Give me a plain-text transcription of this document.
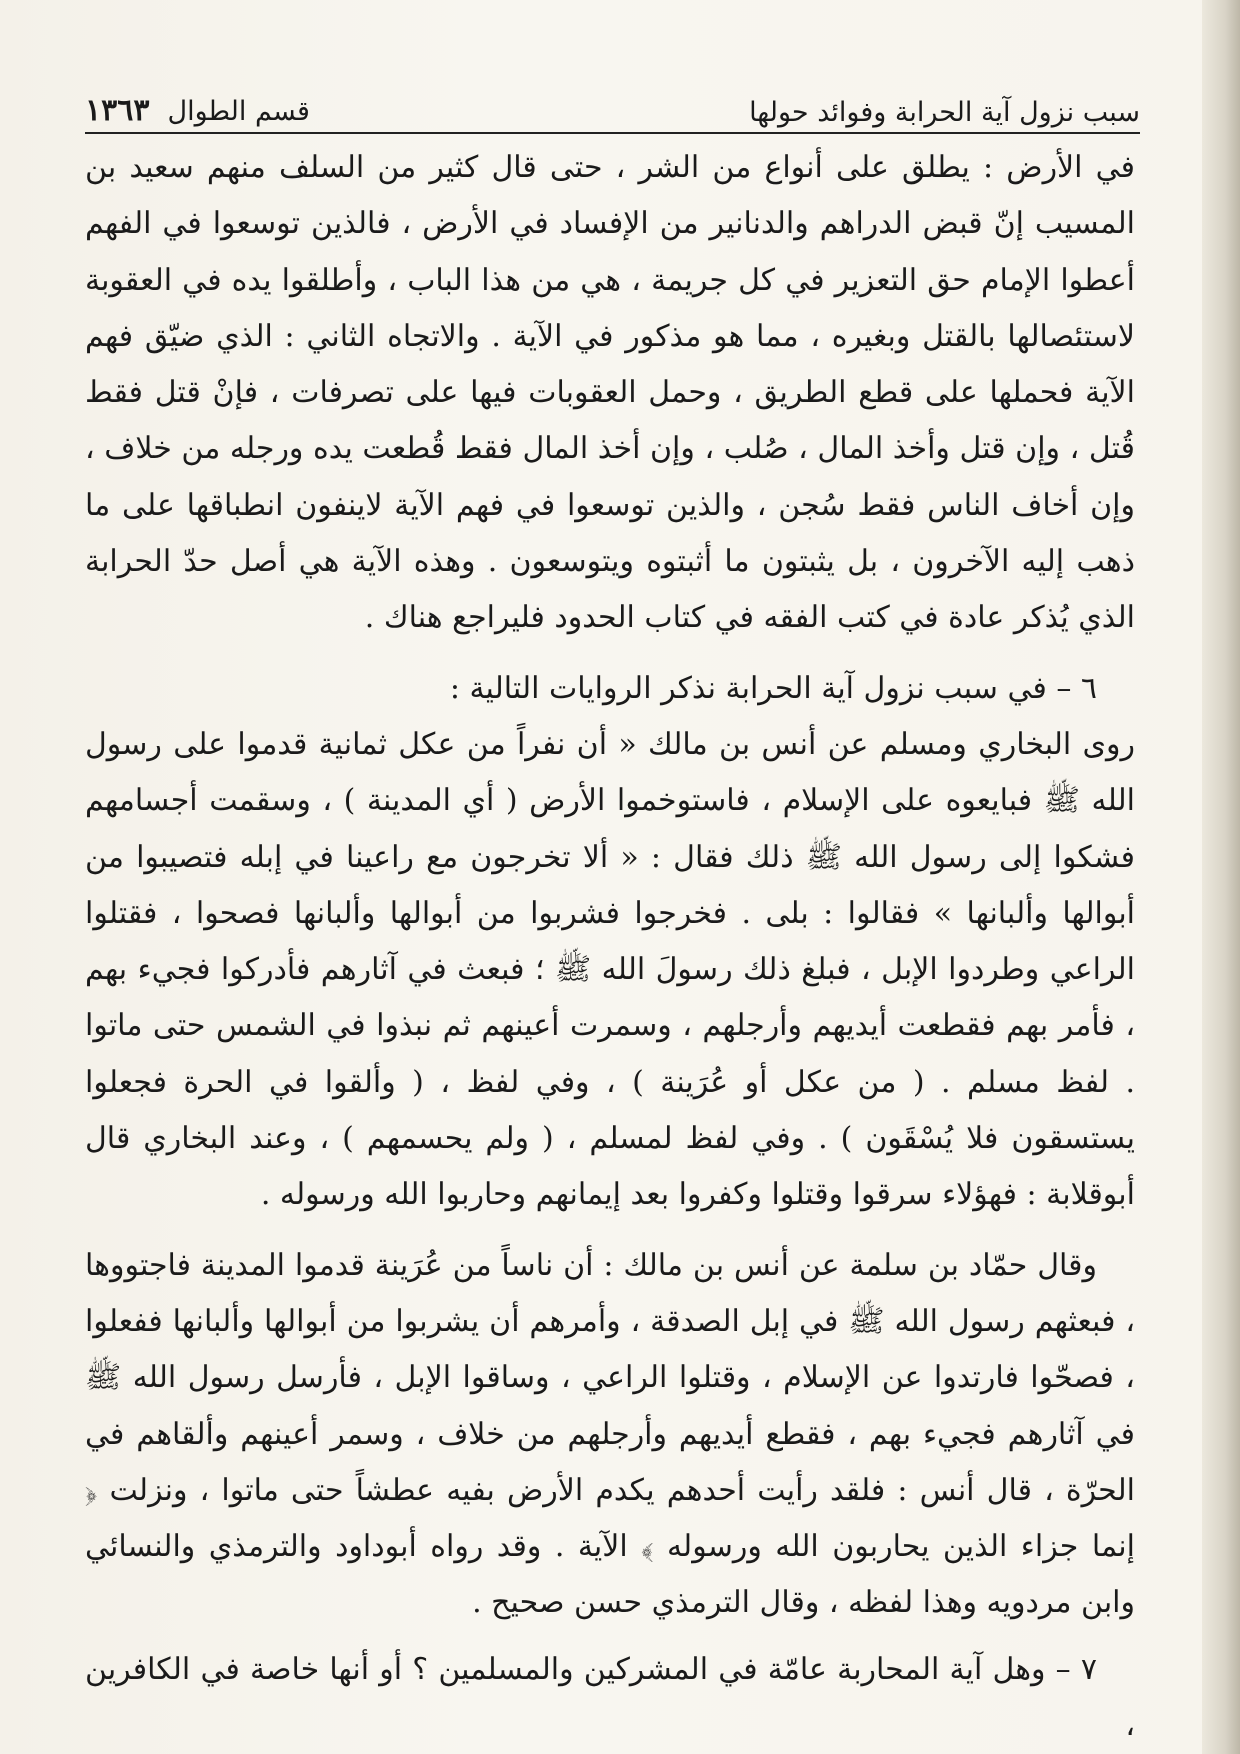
سبب نزول آية الحرابة وفوائد حولها
قسم الطوال
١٣٦٣

في الأرض : يطلق على أنواع من الشر ، حتى قال كثير من السلف منهم سعيد بن المسيب إنّ قبض الدراهم والدنانير من الإفساد في الأرض ، فالذين توسعوا في الفهم أعطوا الإمام حق التعزير في كل جريمة ، هي من هذا الباب ، وأطلقوا يده في العقوبة لاستئصالها بالقتل وبغيره ، مما هو مذكور في الآية . والاتجاه الثاني : الذي ضيّق فهم الآية فحملها على قطع الطريق ، وحمل العقوبات فيها على تصرفات ، فإنْ قتل فقط قُتل ، وإن قتل وأخذ المال ، صُلب ، وإن أخذ المال فقط قُطعت يده ورجله من خلاف ، وإن أخاف الناس فقط سُجن ، والذين توسعوا في فهم الآية لاينفون انطباقها على ما ذهب إليه الآخرون ، بل يثبتون ما أثبتوه ويتوسعون . وهذه الآية هي أصل حدّ الحرابة الذي يُذكر عادة في كتب الفقه في كتاب الحدود فليراجع هناك .

٦ – في سبب نزول آية الحرابة نذكر الروايات التالية :

روى البخاري ومسلم عن أنس بن مالك « أن نفراً من عكل ثمانية قدموا على رسول الله ﷺ فبايعوه على الإسلام ، فاستوخموا الأرض ( أي المدينة ) ، وسقمت أجسامهم فشكوا إلى رسول الله ﷺ ذلك فقال : « ألا تخرجون مع راعينا في إبله فتصيبوا من أبوالها وألبانها » فقالوا : بلى . فخرجوا فشربوا من أبوالها وألبانها فصحوا ، فقتلوا الراعي وطردوا الإبل ، فبلغ ذلك رسولَ الله ﷺ ؛ فبعث في آثارهم فأدركوا فجيء بهم ، فأمر بهم فقطعت أيديهم وأرجلهم ، وسمرت أعينهم ثم نبذوا في الشمس حتى ماتوا . لفظ مسلم . ( من عكل أو عُرَينة ) ، وفي لفظ ، ( وألقوا في الحرة فجعلوا يستسقون فلا يُسْقَون ) . وفي لفظ لمسلم ، ( ولم يحسمهم ) ، وعند البخاري قال أبوقلابة : فهؤلاء سرقوا وقتلوا وكفروا بعد إيمانهم وحاربوا الله ورسوله .

وقال حمّاد بن سلمة عن أنس بن مالك : أن ناساً من عُرَينة قدموا المدينة فاجتووها ، فبعثهم رسول الله ﷺ في إبل الصدقة ، وأمرهم أن يشربوا من أبوالها وألبانها ففعلوا ، فصحّوا فارتدوا عن الإسلام ، وقتلوا الراعي ، وساقوا الإبل ، فأرسل رسول الله ﷺ في آثارهم فجيء بهم ، فقطع أيديهم وأرجلهم من خلاف ، وسمر أعينهم وألقاهم في الحرّة ، قال أنس : فلقد رأيت أحدهم يكدم الأرض بفيه عطشاً حتى ماتوا ، ونزلت ﴿ إنما جزاء الذين يحاربون الله ورسوله ﴾ الآية . وقد رواه أبوداود والترمذي والنسائي وابن مردويه وهذا لفظه ، وقال الترمذي حسن صحيح .

٧ – وهل آية المحاربة عامّة في المشركين والمسلمين ؟ أو أنها خاصة في الكافرين ،
